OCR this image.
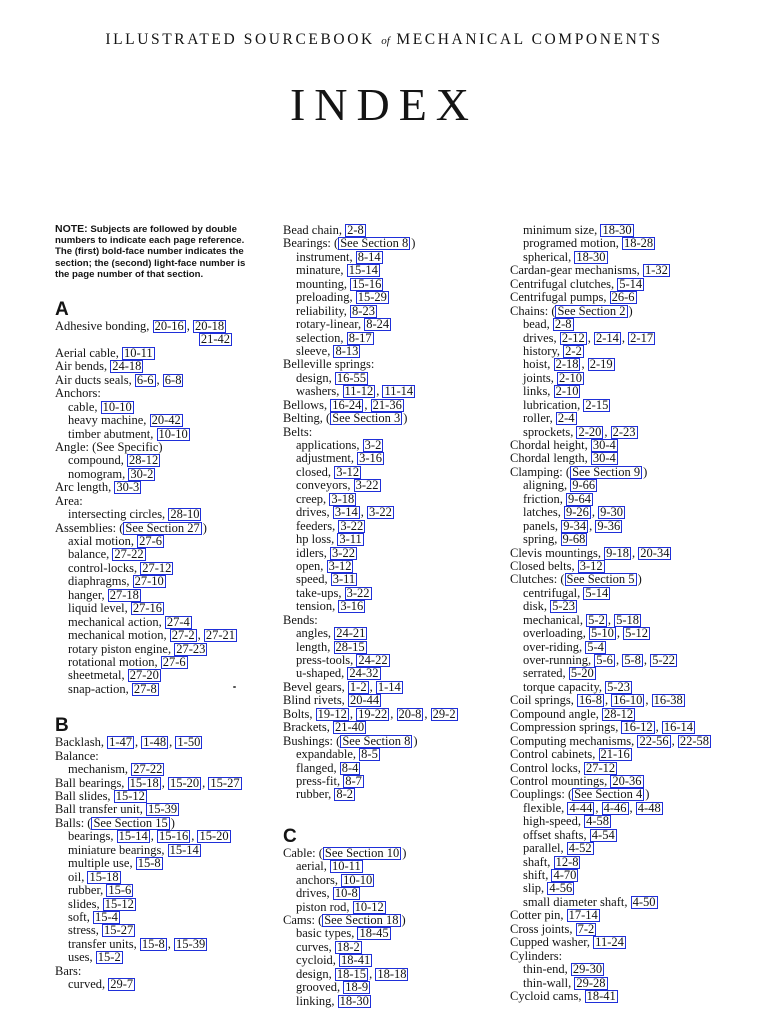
ILLUSTRATED SOURCEBOOK of MECHANICAL COMPONENTS
INDEX
NOTE: Subjects are followed by double numbers to indicate each page reference. The (first) bold-face number indicates the section; the (second) light-face number is the page number of that section.
A
Adhesive bonding, 20-16 , 20-18
21-42
Aerial cable, 10-11
Air bends, 24-18
Air ducts seals, 6-6 , 6-8
Anchors:
cable, 10-10
heavy machine, 20-42
timber abutment, 10-10
Angle: (See Specific)
compound, 28-12
nomogram, 30-2
Arc length, 30-3
Area:
intersecting circles, 28-10
Assemblies: ( See Section 27 )
axial motion, 27-6
balance, 27-22
control-locks, 27-12
diaphragms, 27-10
hanger, 27-18
liquid level, 27-16
mechanical action, 27-4
mechanical motion, 27-2 , 27-21
rotary piston engine, 27-23
rotational motion, 27-6
sheetmetal, 27-20
snap-action, 27-8
B
Backlash, 1-47 , 1-48 , 1-50
Balance:
mechanism, 27-22
Ball bearings, 15-18 , 15-20 , 15-27
Ball slides, 15-12
Ball transfer unit, 15-39
Balls: ( See Section 15 )
bearings, 15-14 , 15-16 , 15-20
miniature bearings, 15-14
multiple use, 15-8
oil, 15-18
rubber, 15-6
slides, 15-12
soft, 15-4
stress, 15-27
transfer units, 15-8 , 15-39
uses, 15-2
Bars:
curved, 29-7
Bead chain, 2-8
Bearings: ( See Section 8 )
instrument, 8-14
minature, 15-14
mounting, 15-16
preloading, 15-29
reliability, 8-23
rotary-linear, 8-24
selection, 8-17
sleeve, 8-13
Belleville springs:
design, 16-55
washers, 11-12 , 11-14
Bellows, 16-24 , 21-36
Belting, ( See Section 3 )
Belts:
applications, 3-2
adjustment, 3-16
closed, 3-12
conveyors, 3-22
creep, 3-18
drives, 3-14 , 3-22
feeders, 3-22
hp loss, 3-11
idlers, 3-22
open, 3-12
speed, 3-11
take-ups, 3-22
tension, 3-16
Bends:
angles, 24-21
length, 28-15
press-tools, 24-22
u-shaped, 24-32
Bevel gears, 1-2 , 1-14
Blind rivets, 20-44
Bolts, 19-12 , 19-22 , 20-8 , 29-2
Brackets, 21-40
Bushings: ( See Section 8 )
expandable, 8-5
flanged, 8-4
press-fit, 8-7
rubber, 8-2
C
Cable: ( See Section 10 )
aerial, 10-11
anchors, 10-10
drives, 10-8
piston rod, 10-12
Cams: ( See Section 18 )
basic types, 18-45
curves, 18-2
cycloid, 18-41
design, 18-15 , 18-18
grooved, 18-9
linking, 18-30
minimum size, 18-30
programed motion, 18-28
spherical, 18-30
Cardan-gear mechanisms, 1-32
Centrifugal clutches, 5-14
Centrifugal pumps, 26-6
Chains: ( See Section 2 )
bead, 2-8
drives, 2-12 , 2-14 , 2-17
history, 2-2
hoist, 2-18 , 2-19
joints, 2-10
links, 2-10
lubrication, 2-15
roller, 2-4
sprockets, 2-20 , 2-23
Chordal height, 30-4
Chordal length, 30-4
Clamping: ( See Section 9 )
aligning, 9-66
friction, 9-64
latches, 9-26 , 9-30
panels, 9-34 , 9-36
spring, 9-68
Clevis mountings, 9-18 , 20-34
Closed belts, 3-12
Clutches: ( See Section 5 )
centrifugal, 5-14
disk, 5-23
mechanical, 5-2 , 5-18
overloading, 5-10 , 5-12
over-riding, 5-4
over-running, 5-6 , 5-8 , 5-22
serrated, 5-20
torque capacity, 5-23
Coil springs, 16-8 , 16-10 , 16-38
Compound angle, 28-12
Compression springs, 16-12 , 16-14
Computing mechanisms, 22-56 , 22-58
Control cabinets, 21-16
Control locks, 27-12
Control mountings, 20-36
Couplings: ( See Section 4 )
flexible, 4-44 , 4-46 , 4-48
high-speed, 4-58
offset shafts, 4-54
parallel, 4-52
shaft, 12-8
shift, 4-70
slip, 4-56
small diameter shaft, 4-50
Cotter pin, 17-14
Cross joints, 7-2
Cupped washer, 11-24
Cylinders:
thin-end, 29-30
thin-wall, 29-28
Cycloid cams, 18-41
